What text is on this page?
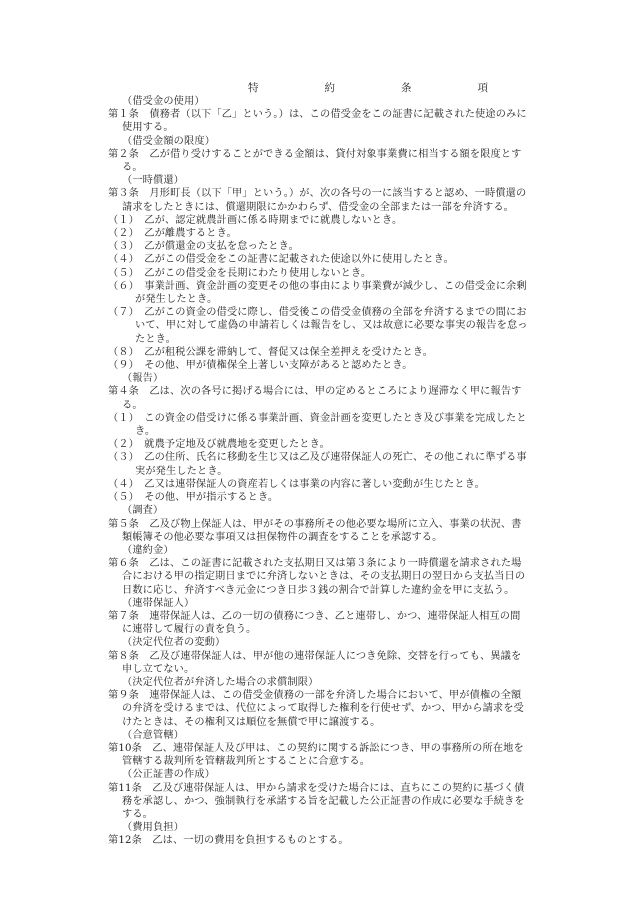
特	約	条	項
（借受金の使用）
第１条　債務者（以下「乙」という。）は、この借受金をこの証書に記載された使途のみに使用する。
（借受金額の限度）
第２条　乙が借り受けすることができる金額は、貸付対象事業費に相当する額を限度とする。
（一時償還）
第３条　月形町長（以下「甲」という。）が、次の各号の一に該当すると認め、一時償還の請求をしたときには、償還期限にかかわらず、借受金の全部または一部を弁済する。
（１）　乙が、認定就農計画に係る時期までに就農しないとき。
（２）　乙が離農するとき。
（３）　乙が償還金の支払を怠ったとき。
（４）　乙がこの借受金をこの証書に記載された使途以外に使用したとき。
（５）　乙がこの借受金を長期にわたり使用しないとき。
（６）　事業計画、資金計画の変更その他の事由により事業費が減少し、この借受金に余剰が発生したとき。
（７）　乙がこの資金の借受に際し、借受後この借受金債務の全部を弁済するまでの間において、甲に対して虚偽の申請若しくは報告をし、又は故意に必要な事実の報告を怠ったとき。
（８）　乙が租税公課を滞納して、督促又は保全差押えを受けたとき。
（９）　その他、甲が債権保全上著しい支障があると認めたとき。
（報告）
第４条　乙は、次の各号に掲げる場合には、甲の定めるところにより遅滞なく甲に報告する。
（１）　この資金の借受けに係る事業計画、資金計画を変更したとき及び事業を完成したとき。
（２）　就農予定地及び就農地を変更したとき。
（３）　乙の住所、氏名に移動を生じ又は乙及び連帯保証人の死亡、その他これに準ずる事実が発生したとき。
（４）　乙又は連帯保証人の資産若しくは事業の内容に著しい変動が生じたとき。
（５）　その他、甲が指示するとき。
（調査）
第５条　乙及び物上保証人は、甲がその事務所その他必要な場所に立入、事業の状況、書類帳簿その他必要な事項又は担保物件の調査をすることを承認する。
（違約金）
第６条　乙は、この証書に記載された支払期日又は第３条により一時償還を請求された場合における甲の指定期日までに弁済しないときは、その支払期日の翌日から支払当日の日数に応じ、弁済すべき元金につき日歩３銭の割合で計算した違約金を甲に支払う。
（連帯保証人）
第７条　連帯保証人は、乙の一切の債務につき、乙と連帯し、かつ、連帯保証人相互の間に連帯して履行の責を負う。
（決定代位者の変動）
第８条　乙及び連帯保証人は、甲が他の連帯保証人につき免除、交替を行っても、異議を申し立てない。
（決定代位者が弁済した場合の求償制限）
第９条　連帯保証人は、この借受金債務の一部を弁済した場合において、甲が債権の全額の弁済を受けるまでは、代位によって取得した権利を行使せず、かつ、甲から請求を受けたときは、その権利又は順位を無償で甲に譲渡する。
（合意管轄）
第10条　乙、連帯保証人及び甲は、この契約に関する訴訟につき、甲の事務所の所在地を管轄する裁判所を管轄裁判所とすることに合意する。
（公正証書の作成）
第11条　乙及び連帯保証人は、甲から請求を受けた場合には、直ちにこの契約に基づく債務を承認し、かつ、強制執行を承諾する旨を記載した公正証書の作成に必要な手続きをする。
（費用負担）
第12条　乙は、一切の費用を負担するものとする。
